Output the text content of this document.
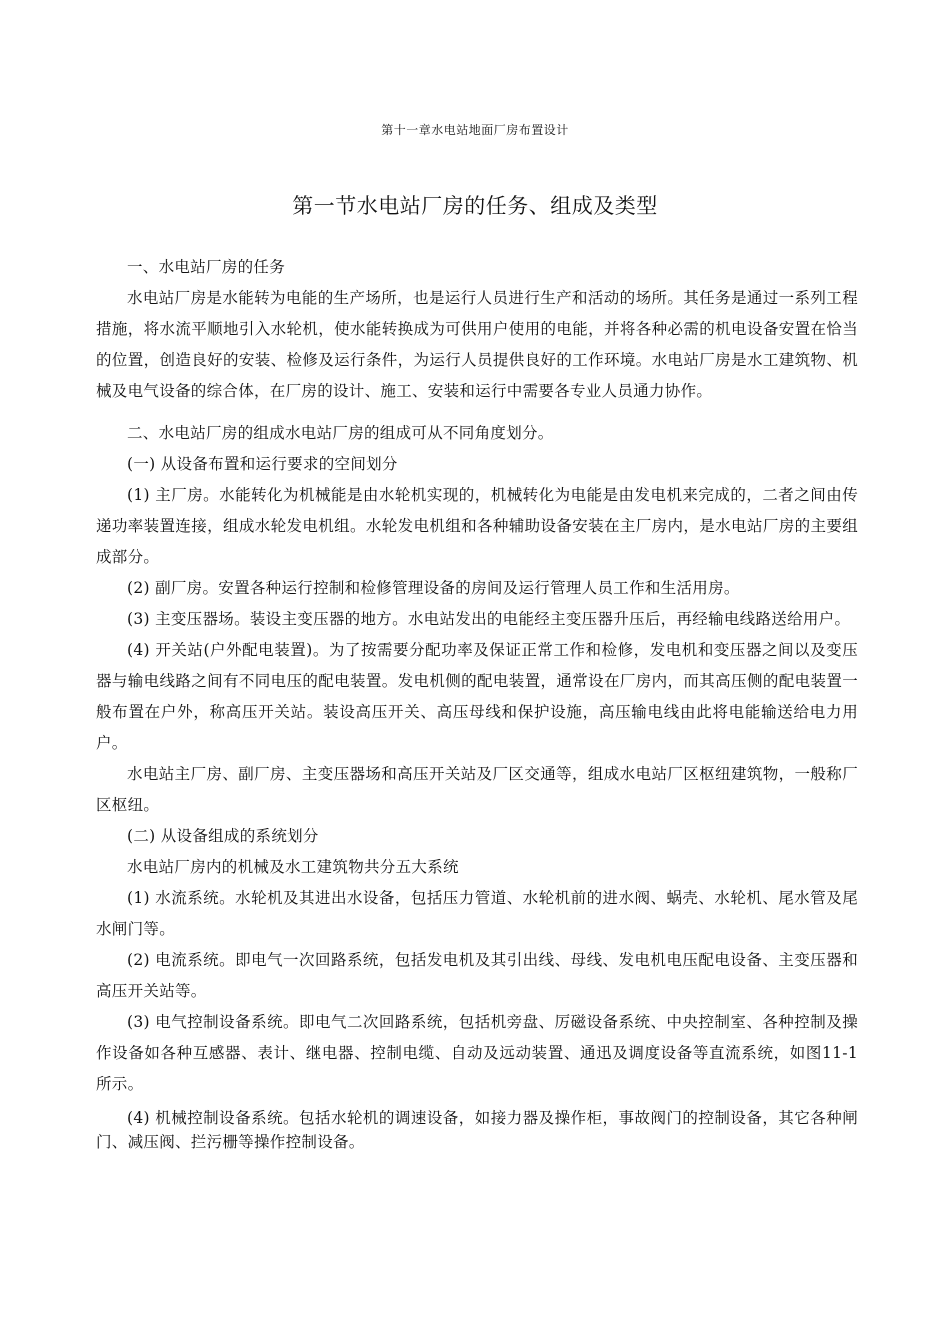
第十一章水电站地面厂房布置设计
第一节水电站厂房的任务、组成及类型

一、水电站厂房的任务

水电站厂房是水能转为电能的生产场所，也是运行人员进行生产和活动的场所。其任务是通过一系列工程措施，将水流平顺地引入水轮机，使水能转换成为可供用户使用的电能，并将各种必需的机电设备安置在恰当的位置，创造良好的安装、检修及运行条件，为运行人员提供良好的工作环境。水电站厂房是水工建筑物、机械及电气设备的综合体，在厂房的设计、施工、安装和运行中需要各专业人员通力协作。

二、水电站厂房的组成水电站厂房的组成可从不同角度划分。

(一) 从设备布置和运行要求的空间划分

(1) 主厂房。水能转化为机械能是由水轮机实现的，机械转化为电能是由发电机来完成的，二者之间由传递功率装置连接，组成水轮发电机组。水轮发电机组和各种辅助设备安装在主厂房内，是水电站厂房的主要组成部分。

(2) 副厂房。安置各种运行控制和检修管理设备的房间及运行管理人员工作和生活用房。

(3) 主变压器场。装设主变压器的地方。水电站发出的电能经主变压器升压后，再经输电线路送给用户。

(4) 开关站(户外配电装置)。为了按需要分配功率及保证正常工作和检修，发电机和变压器之间以及变压器与输电线路之间有不同电压的配电装置。发电机侧的配电装置，通常设在厂房内，而其高压侧的配电装置一般布置在户外，称高压开关站。装设高压开关、高压母线和保护设施，高压输电线由此将电能输送给电力用户。

水电站主厂房、副厂房、主变压器场和高压开关站及厂区交通等，组成水电站厂区枢纽建筑物，一般称厂区枢纽。

(二) 从设备组成的系统划分

水电站厂房内的机械及水工建筑物共分五大系统

(1) 水流系统。水轮机及其进出水设备，包括压力管道、水轮机前的进水阀、蜗壳、水轮机、尾水管及尾水闸门等。

(2) 电流系统。即电气一次回路系统，包括发电机及其引出线、母线、发电机电压配电设备、主变压器和高压开关站等。

(3) 电气控制设备系统。即电气二次回路系统，包括机旁盘、厉磁设备系统、中央控制室、各种控制及操作设备如各种互感器、表计、继电器、控制电缆、自动及远动装置、通迅及调度设备等直流系统，如图11-1所示。

(4) 机械控制设备系统。包括水轮机的调速设备，如接力器及操作柜，事故阀门的控制设备，其它各种闸门、减压阀、拦污栅等操作控制设备。
